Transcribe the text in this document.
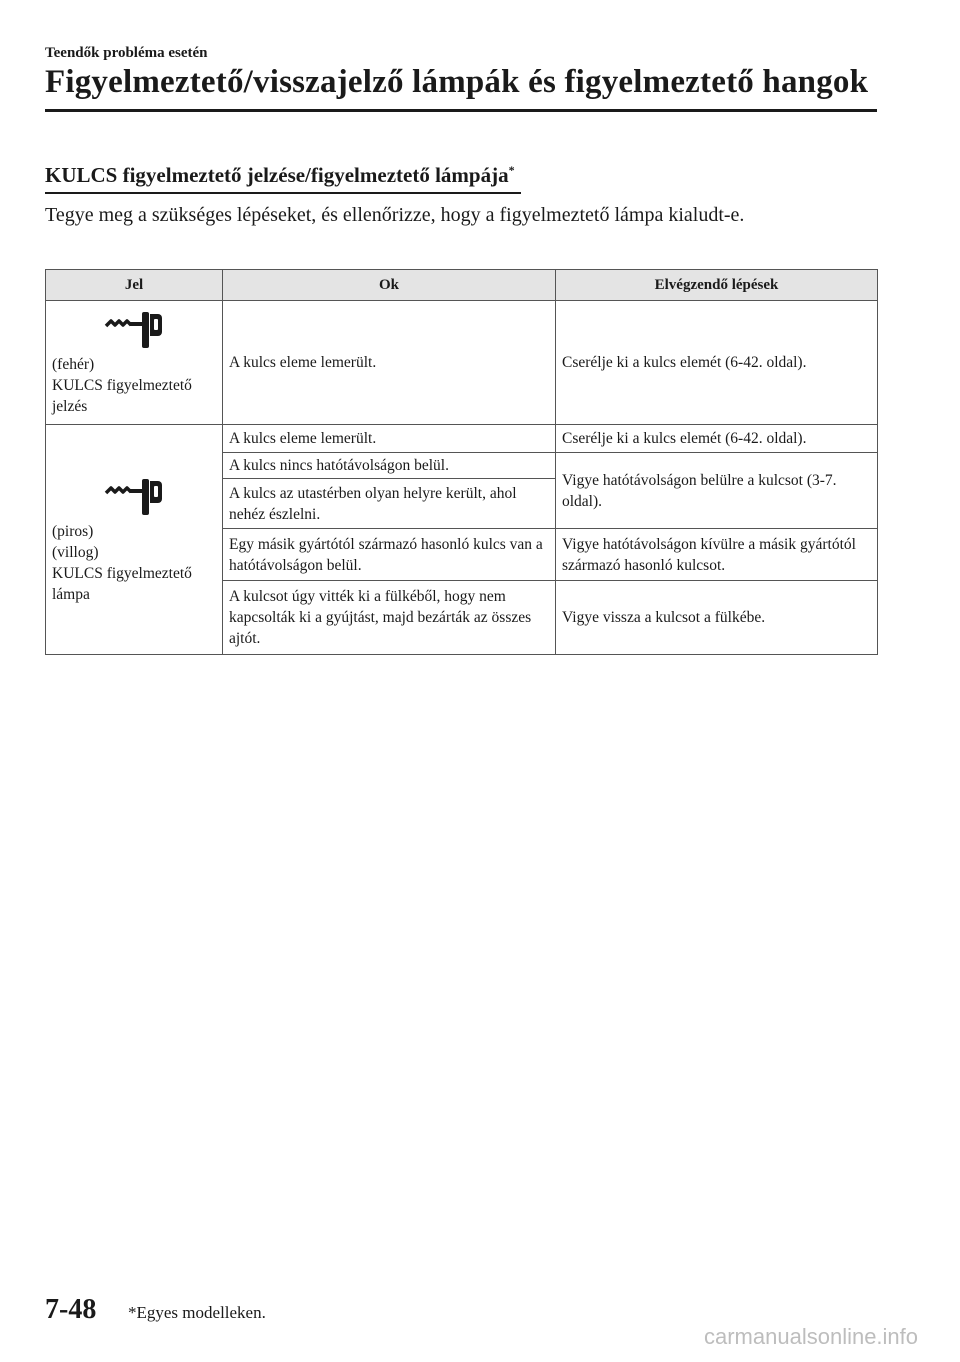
Teendők probléma esetén
Figyelmeztető/visszajelző lámpák és figyelmeztető hangok
KULCS figyelmeztető jelzése/figyelmeztető lámpája*

Tegye meg a szükséges lépéseket, és ellenőrizze, hogy a figyelmeztető lámpa kialudt-e.

Jel	Ok	Elvégzendő lépések

(fehér)
KULCS figyelmeztető jelzés	A kulcs eleme lemerült.	Cserélje ki a kulcs elemét (6-42. oldal).

(piros)
(villog)
KULCS figyelmeztető lámpa	A kulcs eleme lemerült.	Cserélje ki a kulcs elemét (6-42. oldal).
	A kulcs nincs hatótávolságon belül.	Vigye hatótávolságon belülre a kulcsot (3-7. oldal).
	A kulcs az utastérben olyan helyre került, ahol nehéz észlelni.	
	Egy másik gyártótól származó hasonló kulcs van a hatótávolságon belül.	Vigye hatótávolságon kívülre a másik gyártótól származó hasonló kulcsot.
	A kulcsot úgy vitték ki a fülkéből, hogy nem kapcsolták ki a gyújtást, majd bezárták az összes ajtót.	Vigye vissza a kulcsot a fülkébe.
7-48 *Egyes modelleken.
carmanualsonline.info
